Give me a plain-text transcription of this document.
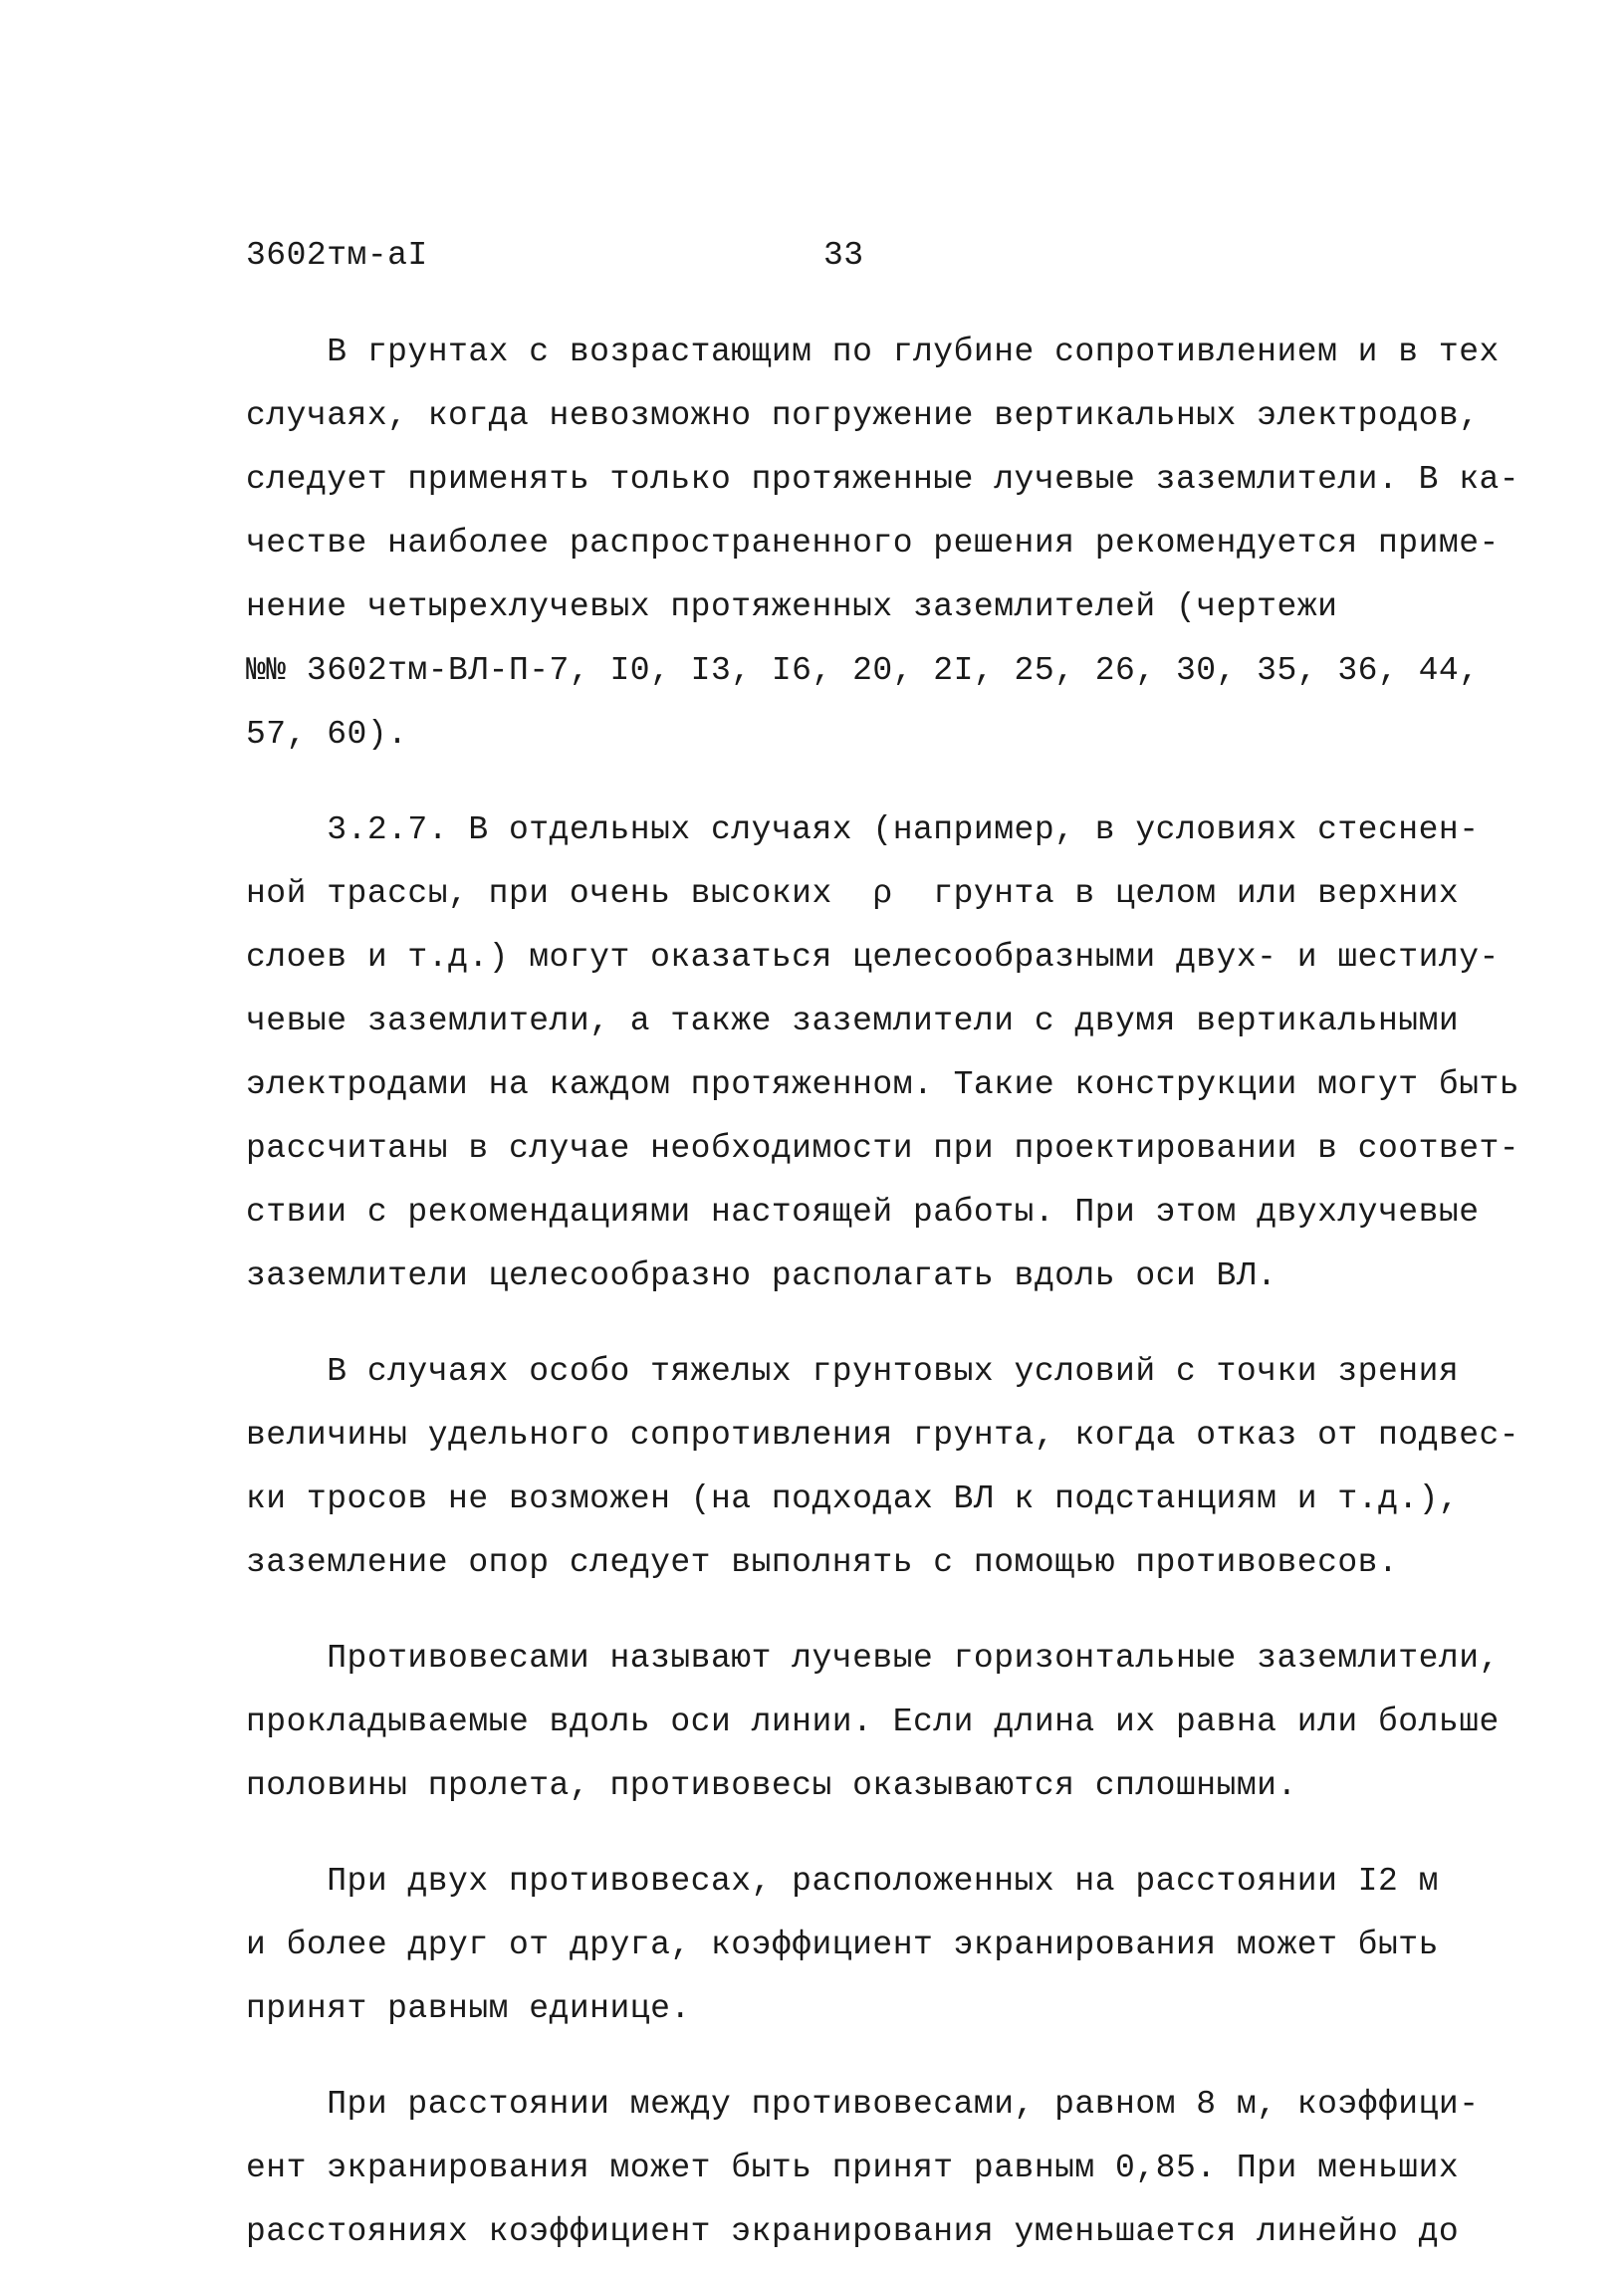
3602тм-аI	33
В грунтах с возрастающим по глубине сопротивлением и в тех
случаях, когда невозможно погружение вертикальных электродов,
следует применять только протяженные лучевые заземлители. В ка-
честве наиболее распространенного решения рекомендуется приме-
нение четырехлучевых протяженных заземлителей (чертежи
№№ 3602тм-ВЛ-П-7, I0, I3, I6, 20, 2I, 25, 26, 30, 35, 36, 44,
57, 60).
3.2.7. В отдельных случаях (например, в условиях стеснен-
ной трассы, при очень высоких  ρ  грунта в целом или верхних
слоев и т.д.) могут оказаться целесообразными двух- и шестилу-
чевые заземлители, а также заземлители с двумя вертикальными
электродами на каждом протяженном. Такие конструкции могут быть
рассчитаны в случае необходимости при проектировании в соответ-
ствии с рекомендациями настоящей работы. При этом двухлучевые
заземлители целесообразно располагать вдоль оси ВЛ.
В случаях особо тяжелых грунтовых условий с точки зрения
величины удельного сопротивления грунта, когда отказ от подвес-
ки тросов не возможен (на подходах ВЛ к подстанциям и т.д.),
заземление опор следует выполнять с помощью противовесов.
Противовесами называют лучевые горизонтальные заземлители,
прокладываемые вдоль оси линии. Если длина их равна или больше
половины пролета, противовесы оказываются сплошными.
При двух противовесах, расположенных на расстоянии I2 м
и более друг от друга, коэффициент экранирования может быть
принят равным единице.
При расстоянии между противовесами, равном 8 м, коэффици-
ент экранирования может быть принят равным 0,85. При меньших
расстояниях коэффициент экранирования уменьшается линейно до
